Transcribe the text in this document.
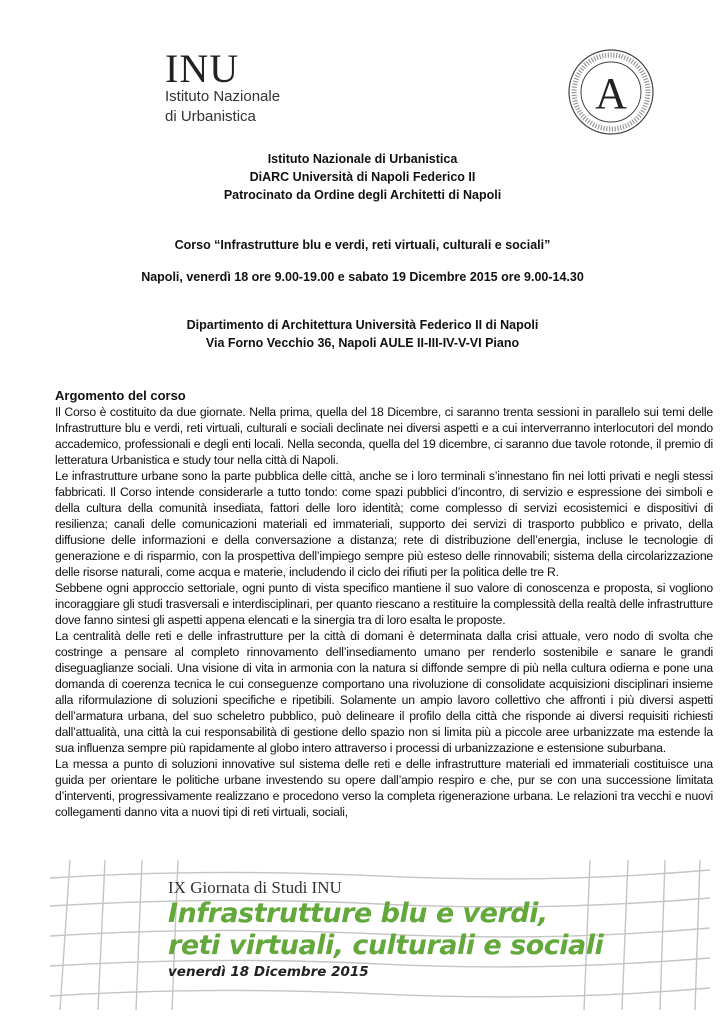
INU
Istituto Nazionale
di Urbanistica	A
Istituto Nazionale di Urbanistica
DiARC Università di Napoli Federico II
Patrocinato da Ordine degli Architetti di Napoli
Corso “Infrastrutture blu e verdi, reti virtuali, culturali e sociali”
Napoli, venerdì 18 ore 9.00-19.00 e sabato 19 Dicembre 2015 ore 9.00-14.30
Dipartimento di Architettura Università Federico II di Napoli
Via Forno Vecchio 36, Napoli AULE II-III-IV-V-VI Piano
Argomento del corso

Il Corso è costituito da due giornate. Nella prima, quella del 18 Dicembre, ci saranno trenta sessioni in parallelo sui temi delle Infrastrutture blu e verdi, reti virtuali, culturali e sociali declinate nei diversi aspetti e a cui interverranno interlocutori del mondo accademico, professionali e degli enti locali. Nella seconda, quella del 19 dicembre, ci saranno due tavole rotonde, il premio di letteratura Urbanistica e study tour nella città di Napoli.

Le infrastrutture urbane sono la parte pubblica delle città, anche se i loro terminali s’innestano fin nei lotti privati e negli stessi fabbricati. Il Corso intende considerarle a tutto tondo: come spazi pubblici d’incontro, di servizio e espressione dei simboli e della cultura della comunità insediata, fattori delle loro identità; come complesso di servizi ecosistemici e dispositivi di resilienza; canali delle comunicazioni materiali ed immateriali, supporto dei servizi di trasporto pubblico e privato, della diffusione delle informazioni e della conversazione a distanza; rete di distribuzione dell’energia, incluse le tecnologie di generazione e di risparmio, con la prospettiva dell’impiego sempre più esteso delle rinnovabili; sistema della circolarizzazione delle risorse naturali, come acqua e materie, includendo il ciclo dei rifiuti per la politica delle tre R.

Sebbene ogni approccio settoriale, ogni punto di vista specifico mantiene il suo valore di conoscenza e proposta, si vogliono incoraggiare gli studi trasversali e interdisciplinari, per quanto riescano a restituire la complessità della realtà delle infrastrutture dove fanno sintesi gli aspetti appena elencati e la sinergia tra di loro esalta le proposte.

La centralità delle reti e delle infrastrutture per la città di domani è determinata dalla crisi attuale, vero nodo di svolta che costringe a pensare al completo rinnovamento dell’insediamento umano per renderlo sostenibile e sanare le grandi diseguaglianze sociali. Una visione di vita in armonia con la natura si diffonde sempre di più nella cultura odierna e pone una domanda di coerenza tecnica le cui conseguenze comportano una rivoluzione di consolidate acquisizioni disciplinari insieme alla riformulazione di soluzioni specifiche e ripetibili. Solamente un ampio lavoro collettivo che affronti i più diversi aspetti dell’armatura urbana, del suo scheletro pubblico, può delineare il profilo della città che risponde ai diversi requisiti richiesti dall’attualità, una città la cui responsabilità di gestione dello spazio non si limita più a piccole aree urbanizzate ma estende la sua influenza sempre più rapidamente al globo intero attraverso i processi di urbanizzazione e estensione suburbana.

La messa a punto di soluzioni innovative sul sistema delle reti e delle infrastrutture materiali ed immateriali costituisce una guida per orientare le politiche urbane investendo su opere dall’ampio respiro e che, pur se con una successione limitata d’interventi, progressivamente realizzano e procedono verso la completa rigenerazione urbana. Le relazioni tra vecchi e nuovi collegamenti danno vita a nuovi tipi di reti virtuali, sociali,

IX Giornata di Studi INU
Infrastrutture blu e verdi,
reti virtuali, culturali e sociali
venerdì 18 Dicembre 2015
